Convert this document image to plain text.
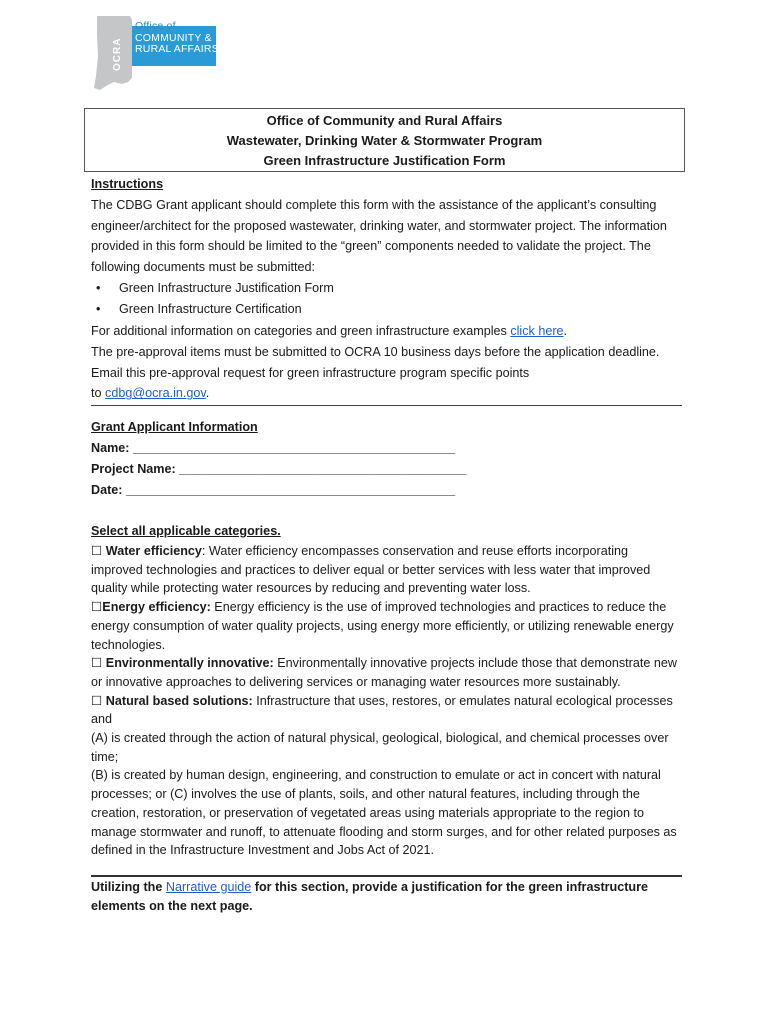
OCRA
Office of
COMMUNITY &
RURAL AFFAIRS
Office of Community and Rural Affairs
Wastewater, Drinking Water & Stormwater Program
Green Infrastructure Justification Form
Instructions
The CDBG Grant applicant should complete this form with the assistance of the applicant’s consulting engineer/architect for the proposed wastewater, drinking water, and stormwater project. The information provided in this form should be limited to the “green” components needed to validate the project. The following documents must be submitted:
• Green Infrastructure Justification Form
• Green Infrastructure Certification
For additional information on categories and green infrastructure examples click here.
The pre-approval items must be submitted to OCRA 10 business days before the application deadline. Email this pre-approval request for green infrastructure program specific points
to cdbg@ocra.in.gov.
Grant Applicant Information
Name: ______________________________________________
Project Name: _________________________________________
Date: _______________________________________________
Select all applicable categories.
☐ Water efficiency: Water efficiency encompasses conservation and reuse efforts incorporating improved technologies and practices to deliver equal or better services with less water that improved quality while protecting water resources by reducing and preventing water loss.
☐Energy efficiency: Energy efficiency is the use of improved technologies and practices to reduce the energy consumption of water quality projects, using energy more efficiently, or utilizing renewable energy technologies.
☐ Environmentally innovative: Environmentally innovative projects include those that demonstrate new or innovative approaches to delivering services or managing water resources more sustainably.
☐ Natural based solutions: Infrastructure that uses, restores, or emulates natural ecological processes and
(A) is created through the action of natural physical, geological, biological, and chemical processes over time;
(B) is created by human design, engineering, and construction to emulate or act in concert with natural processes; or (C) involves the use of plants, soils, and other natural features, including through the creation, restoration, or preservation of vegetated areas using materials appropriate to the region to manage stormwater and runoff, to attenuate flooding and storm surges, and for other related purposes as defined in the Infrastructure Investment and Jobs Act of 2021.
Utilizing the Narrative guide for this section, provide a justification for the green infrastructure elements on the next page.
